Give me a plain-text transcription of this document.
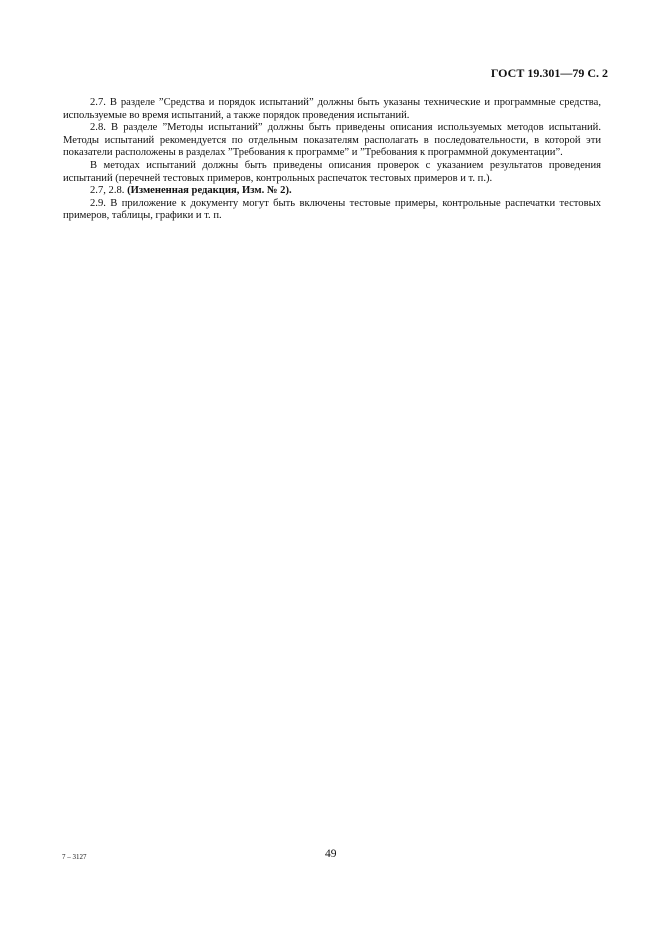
ГОСТ 19.301—79 С. 2

2.7. В разделе ”Средства и порядок испытаний” должны быть указаны технические и программные средства, используемые во время испытаний, а также порядок проведения испытаний.

2.8. В разделе ”Методы испытаний” должны быть приведены описания используемых методов испытаний. Методы испытаний рекомендуется по отдельным показателям располагать в последовательности, в которой эти показатели расположены в разделах ”Требования к программе” и ”Требования к программной документации”.

В методах испытаний должны быть приведены описания проверок с указанием результатов проведения испытаний (перечней тестовых примеров, контрольных распечаток тестовых примеров и т. п.).

2.7, 2.8. (Измененная редакция, Изм. № 2).

2.9. В приложение к документу могут быть включены тестовые примеры, контрольные распечатки тестовых примеров, таблицы, графики и т. п.

7 – 3127	49
